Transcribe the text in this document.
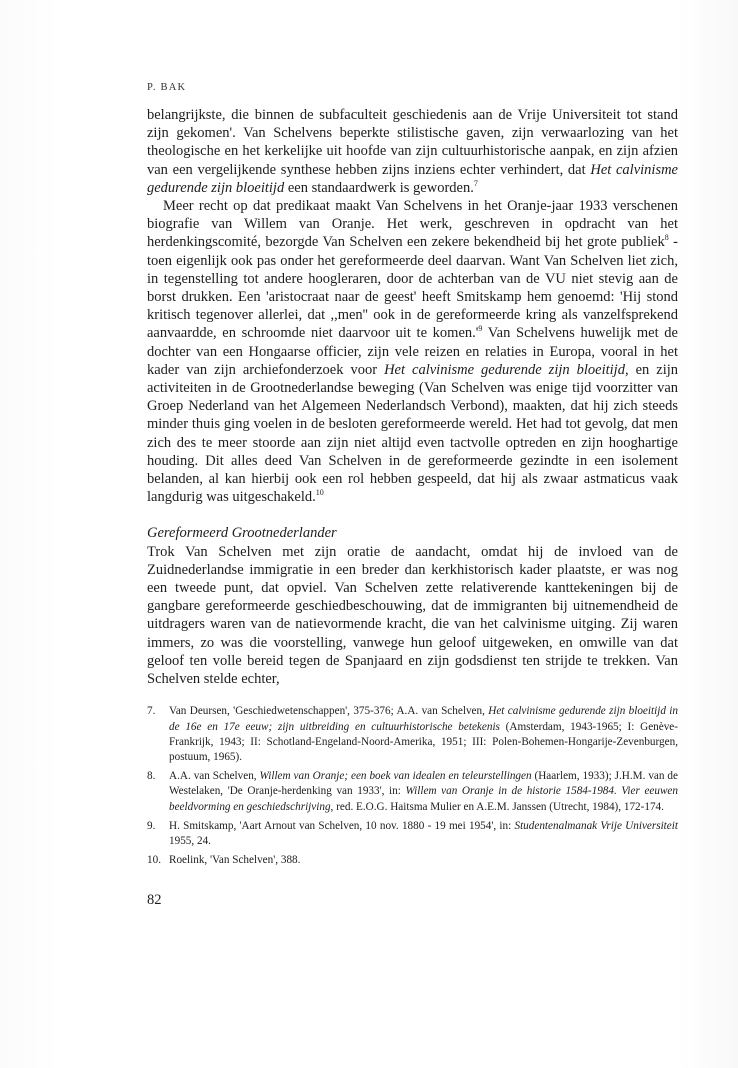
P. BAK

belangrijkste, die binnen de subfaculteit geschiedenis aan de Vrije Universiteit tot stand zijn gekomen'. Van Schelvens beperkte stilistische gaven, zijn verwaarlozing van het theologische en het kerkelijke uit hoofde van zijn cultuurhistorische aanpak, en zijn afzien van een vergelijkende synthese hebben zijns inziens echter verhindert, dat Het calvinisme gedurende zijn bloeitijd een standaardwerk is geworden.$^7$

Meer recht op dat predikaat maakt Van Schelvens in het Oranje-jaar 1933 verschenen biografie van Willem van Oranje. Het werk, geschreven in opdracht van het herdenkingscomité, bezorgde Van Schelven een zekere bekendheid bij het grote publiek$^8$ - toen eigenlijk ook pas onder het gereformeerde deel daarvan. Want Van Schelven liet zich, in tegenstelling tot andere hoogleraren, door de achterban van de VU niet stevig aan de borst drukken. Een 'aristocraat naar de geest' heeft Smitskamp hem genoemd: 'Hij stond kritisch tegenover allerlei, dat ,,men'' ook in de gereformeerde kring als vanzelfsprekend aanvaardde, en schroomde niet daarvoor uit te $komen.'^9$ Van Schelvens huwelijk met de dochter van een Hongaarse officier, zijn vele reizen en relaties in Europa, vooral in het kader van zijn archiefonderzoek voor Het calvinisme gedurende zijn bloeitijd, en zijn activiteiten in de Grootnederlandse beweging (Van Schelven was enige tijd voorzitter van Groep Nederland van het Algemeen Nederlandsch Verbond), maakten, dat hij zich steeds minder thuis ging voelen in de besloten gereformeerde wereld. Het had tot gevolg, dat men zich des te meer stoorde aan zijn niet altijd even tactvolle optreden en zijn hooghartige houding. Dit alles deed Van Schelven in de gereformeerde gezindte in een isolement belanden, al kan hierbij ook een rol hebben gespeeld, dat hij als zwaar astmaticus vaak langdurig was uitgeschakeld.$^{10}$

Gereformeerd Grootnederlander

Trok Van Schelven met zijn oratie de aandacht, omdat hij de invloed van de Zuidnederlandse immigratie in een breder dan kerkhistorisch kader plaatste, er was nog een tweede punt, dat opviel. Van Schelven zette relativerende kanttekeningen bij de gangbare gereformeerde geschiedbeschouwing, dat de immigranten bij uitnemendheid de uitdragers waren van de natievormende kracht, die van het calvinisme uitging. Zij waren immers, zo was die voorstelling, vanwege hun geloof uitgeweken, en omwille van dat geloof ten volle bereid tegen de Spanjaard en zijn godsdienst ten strijde te trekken. Van Schelven stelde echter,

7.	Van Deursen, 'Geschiedwetenschappen', 375-376; A.A. van Schelven, Het calvinisme gedurende zijn bloeitijd in de 16e en 17e eeuw; zijn uitbreiding en cultuurhistorische betekenis (Amsterdam, 1943-1965; I: Genève-Frankrijk, 1943; II: Schotland-Engeland-Noord-Amerika, 1951; III: Polen-Bohemen-Hongarije-Zevenburgen, postuum, 1965).
8.	A.A. van Schelven, Willem van Oranje; een boek van idealen en teleurstellingen (Haarlem, 1933); J.H.M. van de Westelaken, 'De Oranje-herdenking van 1933', in: Willem van Oranje in de historie 1584-1984. Vier eeuwen beeldvorming en geschiedschrijving, red. E.O.G. Haitsma Mulier en A.E.M. Janssen (Utrecht, 1984), 172-174.
9.	H. Smitskamp, 'Aart Arnout van Schelven, 10 nov. 1880 - 19 mei 1954', in: Studentenalmanak Vrije Universiteit 1955, 24.
10. Roelink, 'Van Schelven', 388.
82
